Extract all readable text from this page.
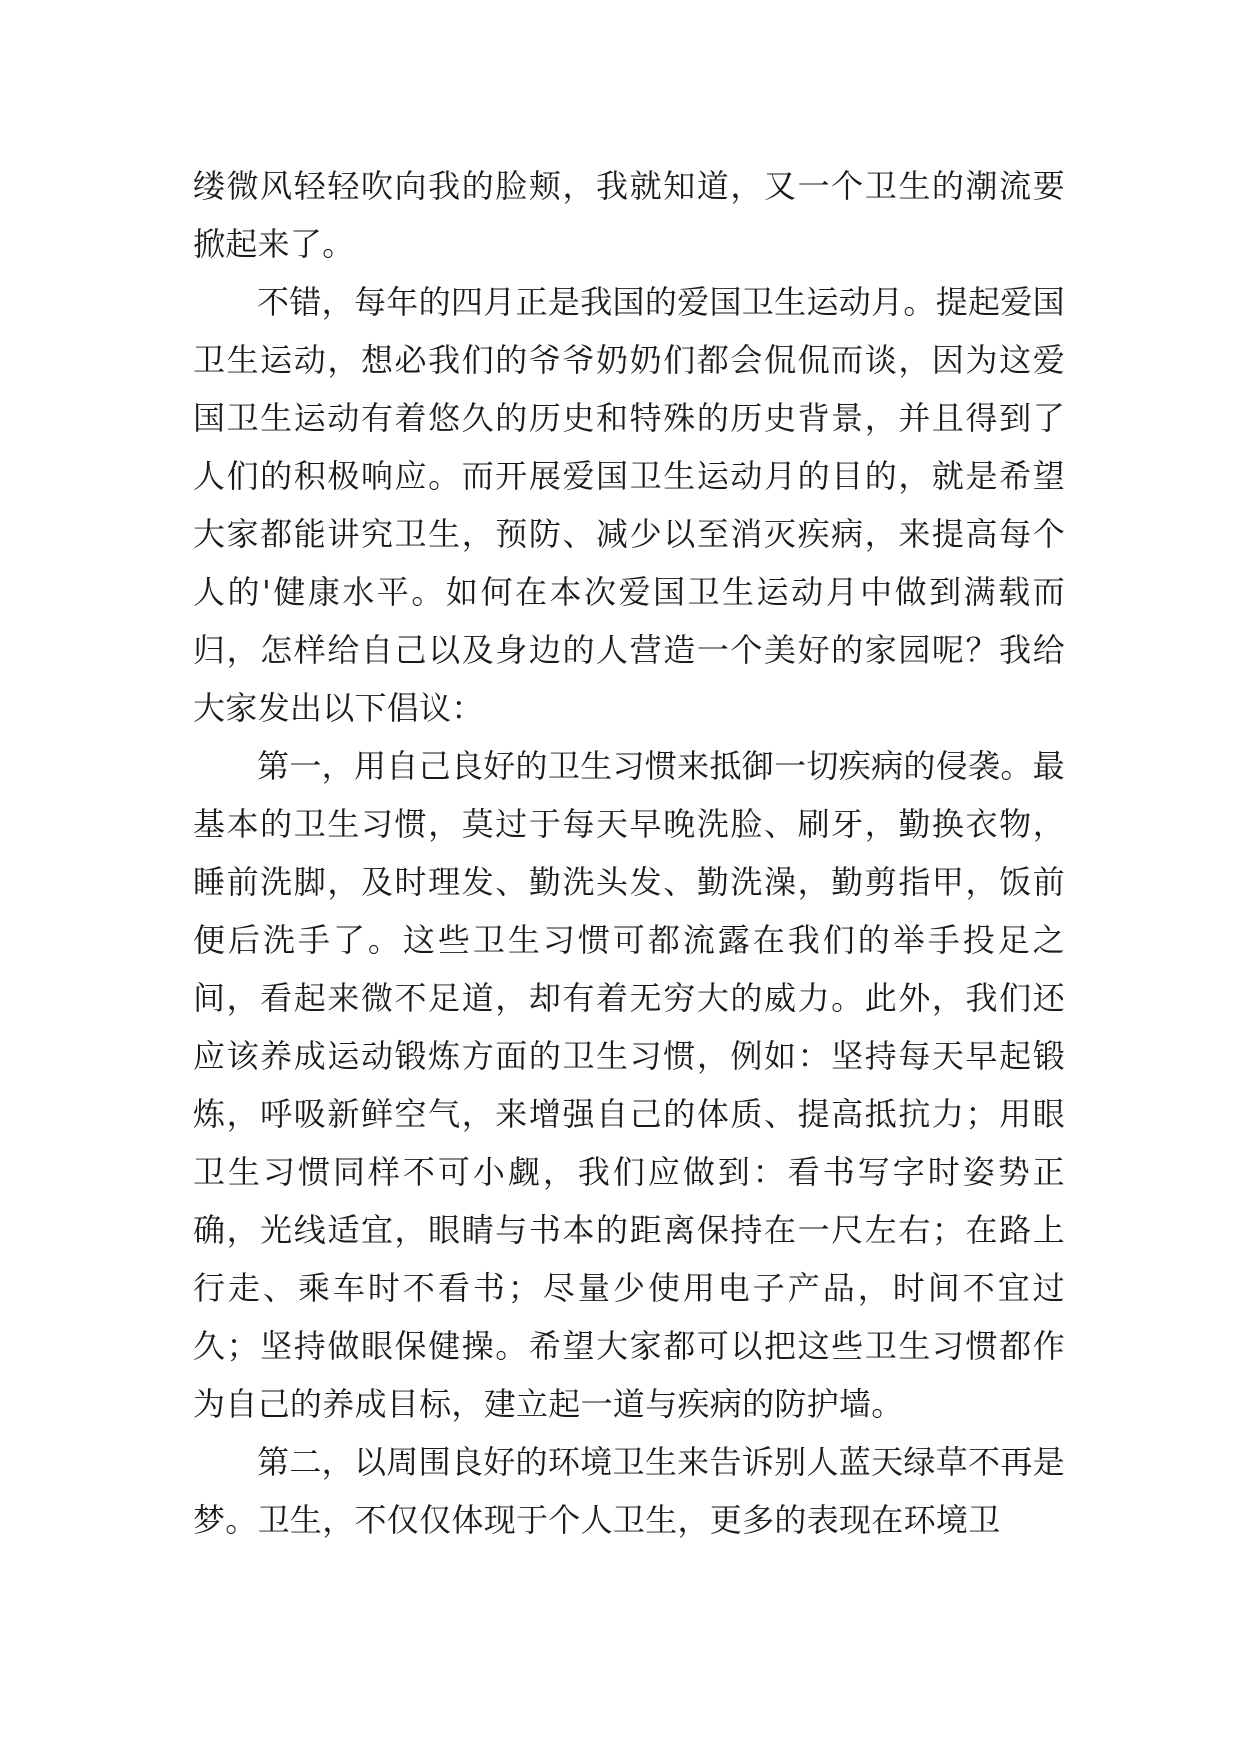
缕微风轻轻吹向我的脸颊，我就知道，又一个卫生的潮流要掀起来了。

不错，每年的四月正是我国的爱国卫生运动月。提起爱国卫生运动，想必我们的爷爷奶奶们都会侃侃而谈，因为这爱国卫生运动有着悠久的历史和特殊的历史背景，并且得到了人们的积极响应。而开展爱国卫生运动月的目的，就是希望大家都能讲究卫生，预防、减少以至消灭疾病，来提高每个人的'健康水平。如何在本次爱国卫生运动月中做到满载而归，怎样给自己以及身边的人营造一个美好的家园呢？我给大家发出以下倡议：

第一，用自己良好的卫生习惯来抵御一切疾病的侵袭。最基本的卫生习惯，莫过于每天早晚洗脸、刷牙，勤换衣物，睡前洗脚，及时理发、勤洗头发、勤洗澡，勤剪指甲，饭前便后洗手了。这些卫生习惯可都流露在我们的举手投足之间，看起来微不足道，却有着无穷大的威力。此外，我们还应该养成运动锻炼方面的卫生习惯，例如：坚持每天早起锻炼，呼吸新鲜空气，来增强自己的体质、提高抵抗力；用眼卫生习惯同样不可小觑，我们应做到：看书写字时姿势正确，光线适宜，眼睛与书本的距离保持在一尺左右；在路上行走、乘车时不看书；尽量少使用电子产品，时间不宜过久；坚持做眼保健操。希望大家都可以把这些卫生习惯都作为自己的养成目标，建立起一道与疾病的防护墙。

第二，以周围良好的环境卫生来告诉别人蓝天绿草不再是梦。卫生，不仅仅体现于个人卫生，更多的表现在环境卫
